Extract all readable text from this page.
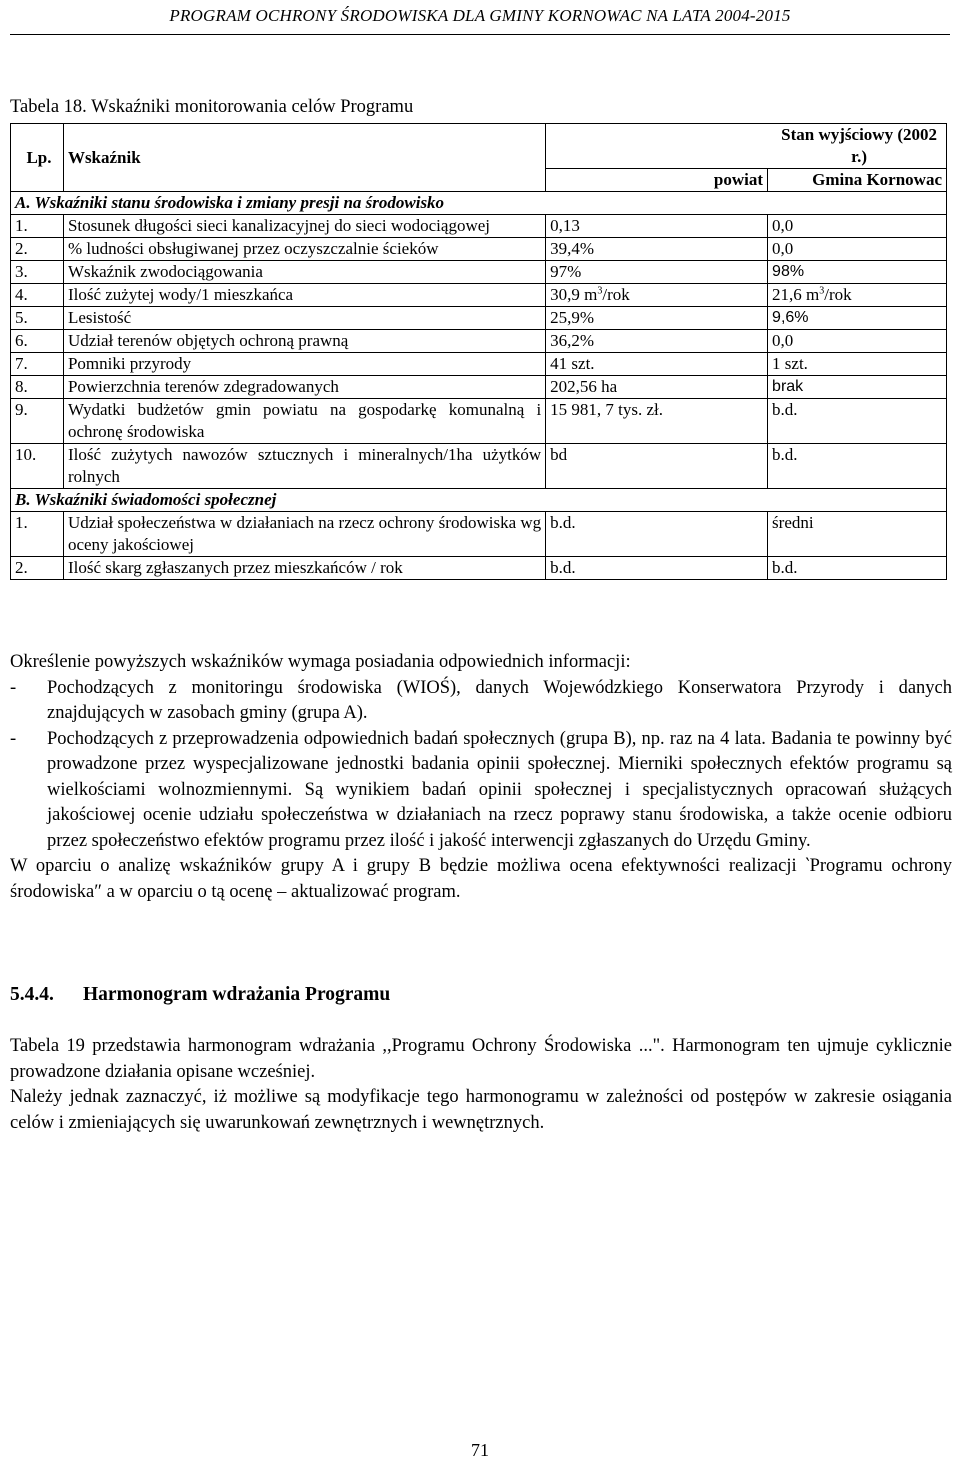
PROGRAM OCHRONY ŚRODOWISKA DLA GMINY KORNOWAC NA LATA 2004-2015
Tabela 18. Wskaźniki monitorowania celów Programu
Lp.	Wskaźnik	Stan wyjściowy (2002 r.)	
		powiat	Gmina Kornowac
A. Wskaźniki stanu środowiska i zmiany presji na środowisko			
1.	Stosunek długości sieci kanalizacyjnej do sieci wodociągowej	0,13	0,0
2.	% ludności obsługiwanej przez oczyszczalnie ścieków	39,4%	0,0
3.	Wskaźnik zwodociągowania	97%	98%
4.	Ilość zużytej wody/1 mieszkańca	30,9 $m^3$/rok	21,6 $m^3$/rok
5.	Lesistość	25,9%	9,6%
6.	Udział terenów objętych ochroną prawną	36,2%	0,0
7.	Pomniki przyrody	41 szt.	1 szt.
8.	Powierzchnia terenów zdegradowanych	202,56 ha	brak
9.	Wydatki budżetów gmin powiatu na gospodarkę komunalną i ochronę środowiska	15 981, 7 tys. zł.	b.d.
10.	Ilość zużytych nawozów sztucznych i mineralnych/1ha użytków rolnych	bd	b.d.
B. Wskaźniki świadomości społecznej			
1.	Udział społeczeństwa w działaniach na rzecz ochrony środowiska wg oceny jakościowej	b.d.	średni
2.	Ilość skarg zgłaszanych przez mieszkańców / rok	b.d.	b.d.

Określenie powyższych wskaźników wymaga posiadania odpowiednich informacji:

-	Pochodzących z monitoringu środowiska (WIOŚ), danych Wojewódzkiego Konserwatora Przyrody i danych znajdujących w zasobach gminy (grupa A).
-	Pochodzących z przeprowadzenia odpowiednich badań społecznych (grupa B), np. raz na 4 lata. Badania te powinny być prowadzone przez wyspecjalizowane jednostki badania opinii społecznej. Mierniki społecznych efektów programu są wielkościami wolnozmiennymi. Są wynikiem badań opinii społecznej i specjalistycznych opracowań służących jakościowej ocenie udziału społeczeństwa w działaniach na rzecz poprawy stanu środowiska, a także ocenie odbioru przez społeczeństwo efektów programu przez ilość i jakość interwencji zgłaszanych do Urzędu Gminy.

W oparciu o analizę wskaźników grupy A i grupy B będzie możliwa ocena efektywności realizacji ‵Programu ochrony środowiska″ a w oparciu o tą ocenę – aktualizować program.

5.4.4. Harmonogram wdrażania Programu

Tabela 19 przedstawia harmonogram wdrażania ,,Programu Ochrony Środowiska ...". Harmonogram ten ujmuje cyklicznie prowadzone działania opisane wcześniej.

Należy jednak zaznaczyć, iż możliwe są modyfikacje tego harmonogramu w zależności od postępów w zakresie osiągania celów i zmieniających się uwarunkowań zewnętrznych i wewnętrznych.

71
